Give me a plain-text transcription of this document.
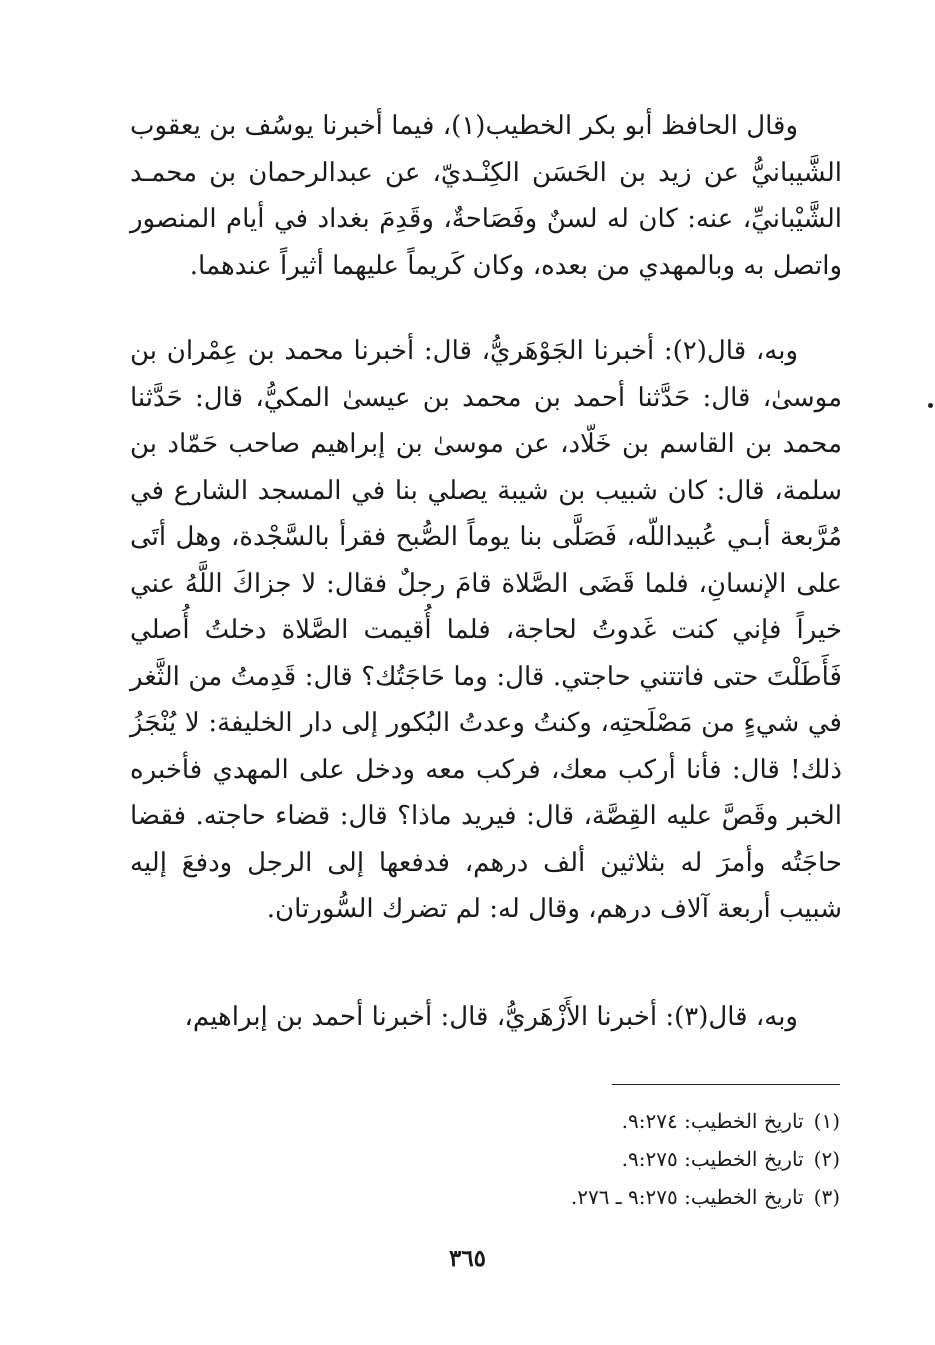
وقال الحافظ أبو بكر الخطيب(١)، فيما أخبرنا يوسُف بن يعقوب الشَّيبانيُّ عن زيد بن الحَسَن الكِنْـديّ، عن عبدالرحمان بن محمـد الشَّيْبانيِّ، عنه: كان له لسنٌ وفَصَاحةٌ، وقَدِمَ بغداد في أيام المنصور واتصل به وبالمهدي من بعده، وكان كَريماً عليهما أثيراً عندهما.

وبه، قال(٢): أخبرنا الجَوْهَريُّ، قال: أخبرنا محمد بن عِمْران بن موسىٰ، قال: حَدَّثنا أحمد بن محمد بن عيسىٰ المكيُّ، قال: حَدَّثنا محمد بن القاسم بن خَلّاد، عن موسىٰ بن إبراهيم صاحب حَمّاد بن سلمة، قال: كان شبيب بن شيبة يصلي بنا في المسجد الشارع في مُرَّبعة أبـي عُبيداللّه، فَصَلَّى بنا يوماً الصُّبح فقرأ بالسَّجْدة، وهل أتَى على الإنسانِ، فلما قَضَى الصَّلاة قامَ رجلٌ فقال: لا جزاكَ اللَّهُ عني خيراً فإني كنت غَدوتُ لحاجة، فلما أُقيمت الصَّلاة دخلتُ أُصلي فَأَطَلْتَ حتى فاتتني حاجتي. قال: وما حَاجَتُك؟ قال: قَدِمتُ من الثَّغر في شيءٍ من مَصْلَحتِه، وكنتُ وعدتُ البُكور إلى دار الخليفة: لا يُنْجَزُ ذلك! قال: فأنا أركب معك، فركب معه ودخل على المهدي فأخبره الخبر وقَصَّ عليه القِصَّة، قال: فيريد ماذا؟ قال: قضاء حاجته. فقضا حاجَتُه وأمرَ له بثلاثين ألف درهم، فدفعها إلى الرجل ودفعَ إليه شبيب أربعة آلاف درهم، وقال له: لم تضرك السُّورتان.

وبه، قال(٣): أخبرنا الأَزْهَريُّ، قال: أخبرنا أحمد بن إبراهيم،

(١)تاريخ الخطيب: ٩:٢٧٤.
(٢)تاريخ الخطيب: ٩:٢٧٥.
(٣)تاريخ الخطيب: ٩:٢٧٥ ـ ٢٧٦.
٣٦٥
